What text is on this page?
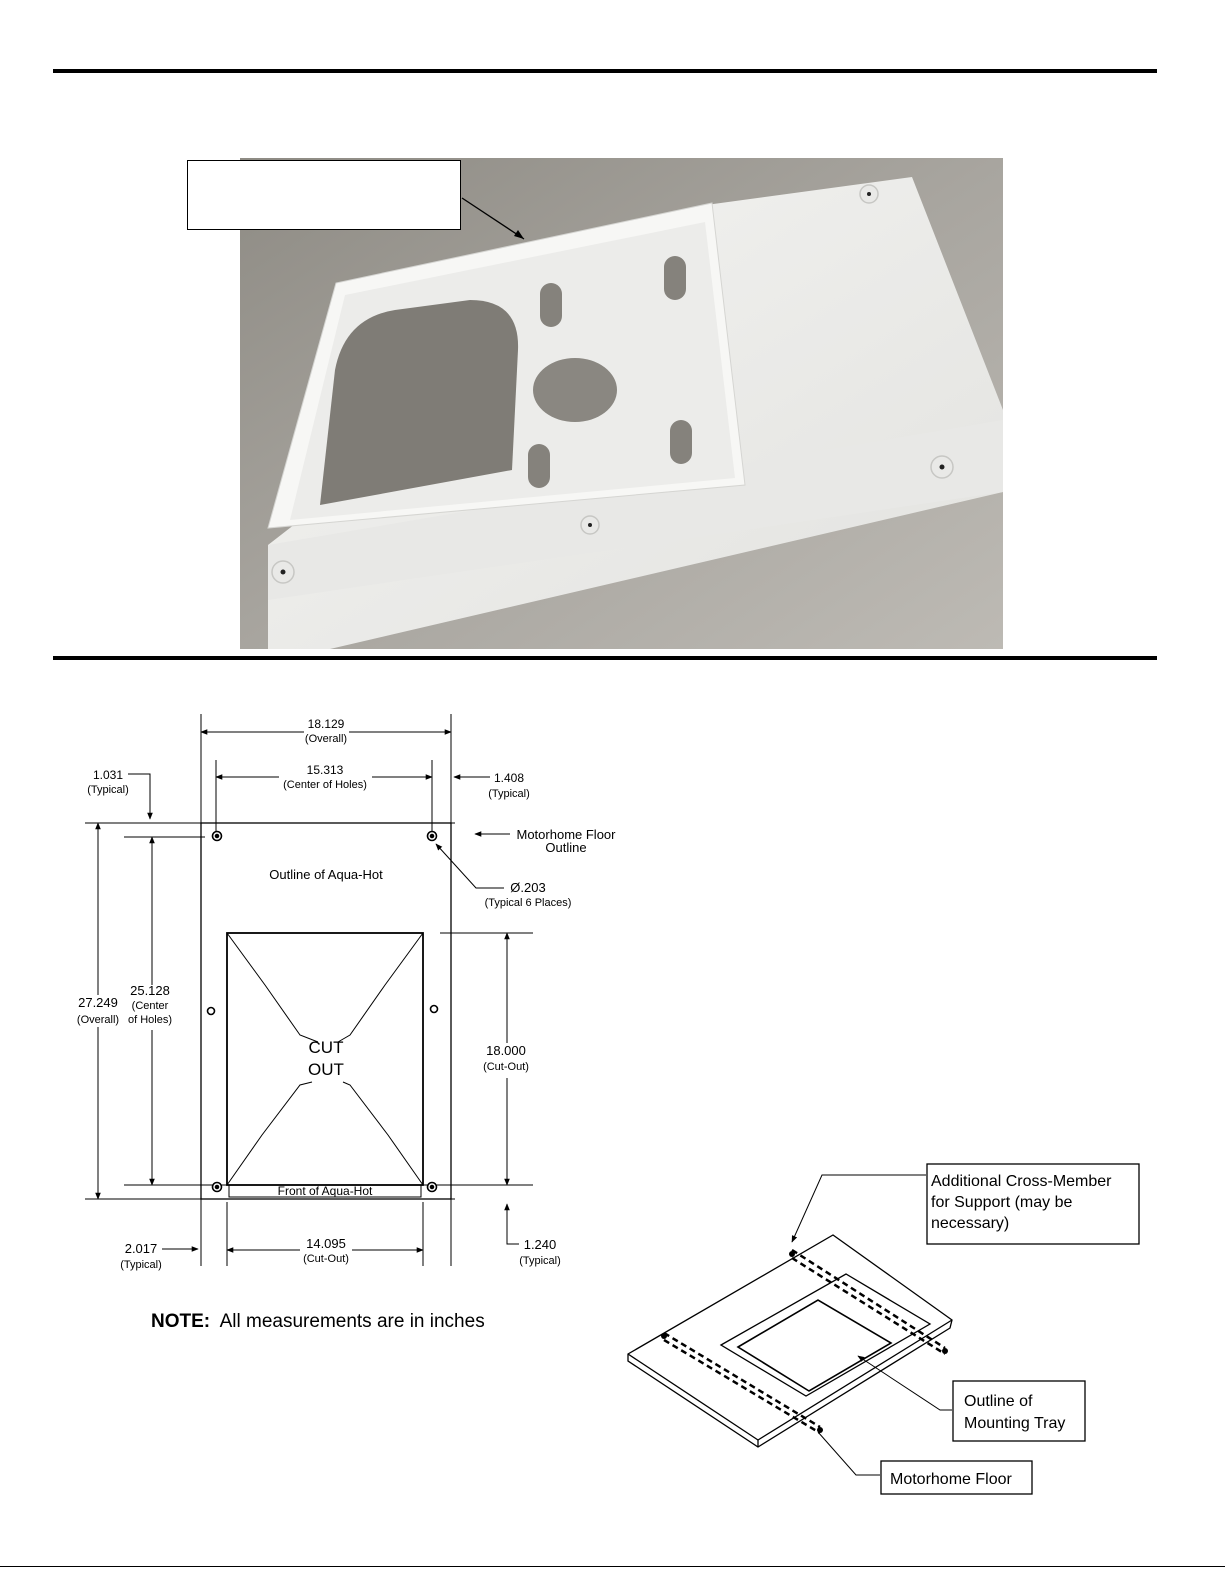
18.129
(Overall)
15.313
(Center of Holes)
1.031
(Typical)
1.408
(Typical)
Motorhome Floor
Outline
Outline of Aqua-Hot
Ø.203
(Typical 6 Places)
27.249
(Overall)
25.128
(Center
of Holes)
CUT
OUT
18.000
(Cut-Out)
Front of Aqua-Hot
2.017
(Typical)
14.095
(Cut-Out)
1.240
(Typical)
NOTE: All measurements are in inches
Additional Cross-Member
for Support (may be
necessary)
Outline of
Mounting Tray
Motorhome Floor
